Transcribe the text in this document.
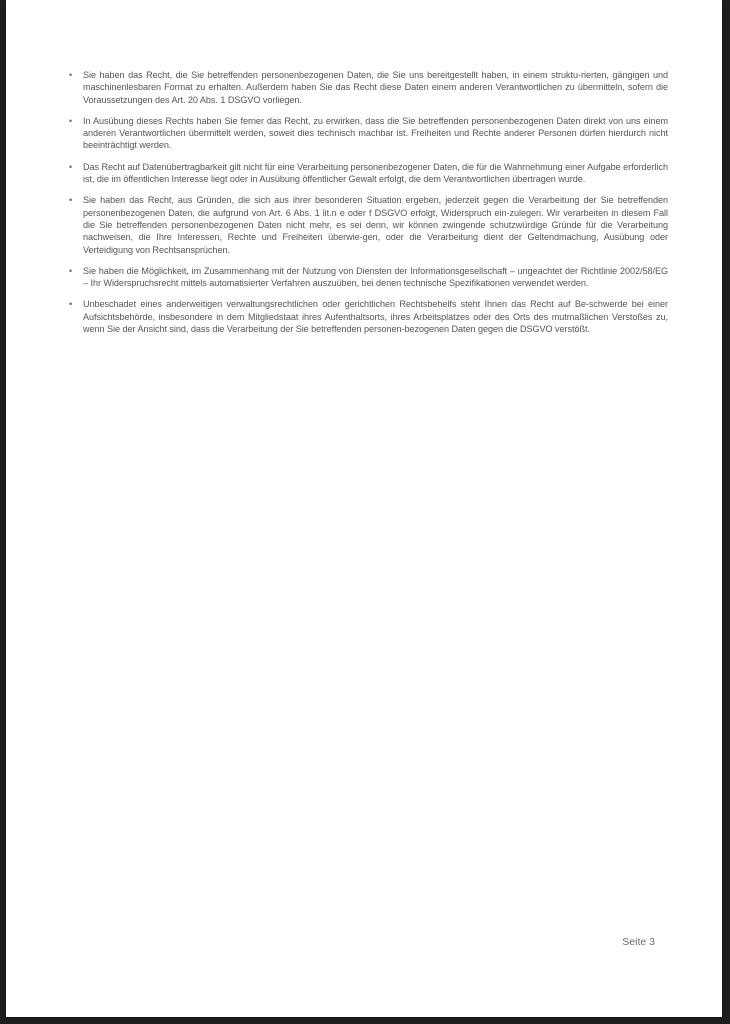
• Sie haben das Recht, die Sie betreffenden personenbezogenen Daten, die Sie uns bereitgestellt haben, in einem struktu-rierten, gängigen und maschinenlesbaren Format zu erhalten. Außerdem haben Sie das Recht diese Daten einem anderen Verantwortlichen zu übermitteln, sofern die Voraussetzungen des Art. 20 Abs. 1 DSGVO vorliegen.
• In Ausübung dieses Rechts haben Sie ferner das Recht, zu erwirken, dass die Sie betreffenden personenbezogenen Daten direkt von uns einem anderen Verantwortlichen übermittelt werden, soweit dies technisch machbar ist. Freiheiten und Rechte anderer Personen dürfen hierdurch nicht beeinträchtigt werden.
• Das Recht auf Datenübertragbarkeit gilt nicht für eine Verarbeitung personenbezogener Daten, die für die Wahrnehmung einer Aufgabe erforderlich ist, die im öffentlichen Interesse liegt oder in Ausübung öffentlicher Gewalt erfolgt, die dem Verantwortlichen übertragen wurde.
• Sie haben das Recht, aus Gründen, die sich aus ihrer besonderen Situation ergeben, jederzeit gegen die Verarbeitung der Sie betreffenden personenbezogenen Daten, die aufgrund von Art. 6 Abs. 1 lit.n e oder f DSGVO erfolgt, Widerspruch ein-zulegen. Wir verarbeiten in diesem Fall die Sie betreffenden personenbezogenen Daten nicht mehr, es sei denn, wir können zwingende schutzwürdige Gründe für die Verarbeitung nachweisen, die Ihre Interessen, Rechte und Freiheiten überwie-gen, oder die Verarbeitung dient der Geltendmachung, Ausübung oder Verteidigung von Rechtsansprüchen.
• Sie haben die Möglichkeit, im Zusammenhang mit der Nutzung von Diensten der Informationsgesellschaft – ungeachtet der Richtlinie 2002/58/EG – Ihr Widerspruchsrecht mittels automatisierter Verfahren auszuüben, bei denen technische Spezifikationen verwendet werden.
• Unbeschadet eines anderweitigen verwaltungsrechtlichen oder gerichtlichen Rechtsbehelfs steht Ihnen das Recht auf Be-schwerde bei einer Aufsichtsbehörde, insbesondere in dem Mitgliedstaat ihres Aufenthaltsorts, ihres Arbeitsplatzes oder des Orts des mutmaßlichen Verstoßes zu, wenn Sie der Ansicht sind, dass die Verarbeitung der Sie betreffenden personen-bezogenen Daten gegen die DSGVO verstößt.
Seite 3
